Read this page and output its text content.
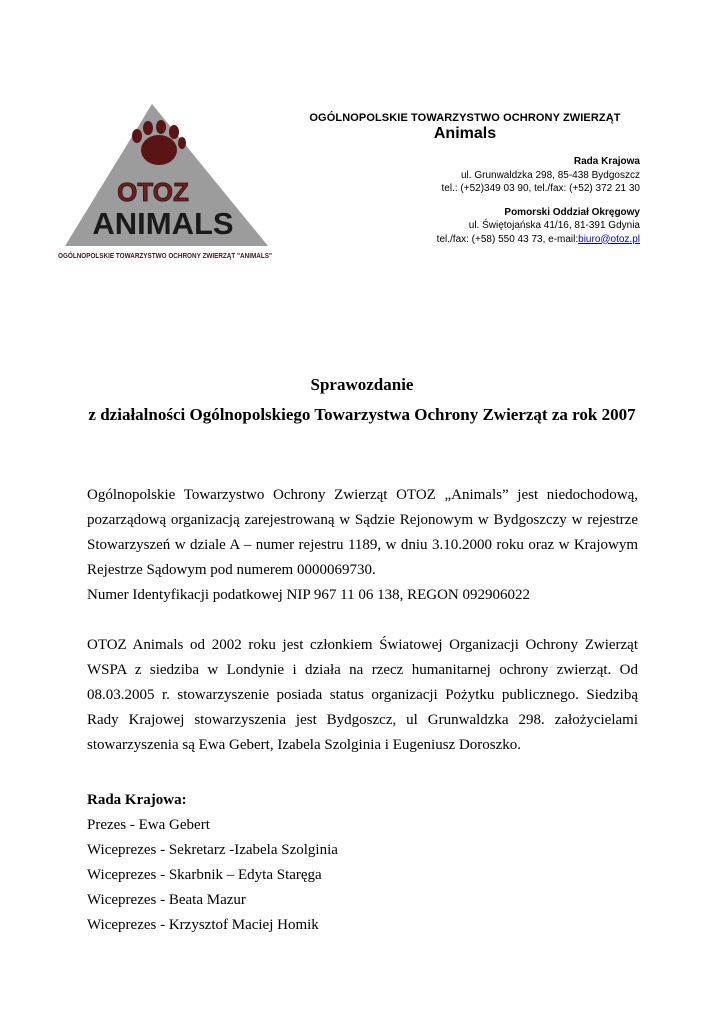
OTOZ
ANIMALS
OGÓLNOPOLSKIE TOWARZYSTWO OCHRONY ZWIERZĄT "ANIMALS"
OGÓLNOPOLSKIE TOWARZYSTWO OCHRONY ZWIERZĄT
Animals
Rada Krajowa
ul. Grunwaldzka 298, 85-438 Bydgoszcz
tel.: (+52)349 03 90, tel./fax: (+52) 372 21 30
Pomorski Oddział Okręgowy
ul. Świętojańska 41/16, 81-391 Gdynia
tel./fax: (+58) 550 43 73, e-mail:biuro@otoz.pl
Sprawozdanie
z działalności Ogólnopolskiego Towarzystwa Ochrony Zwierząt za rok 2007
Ogólnopolskie Towarzystwo Ochrony Zwierząt OTOZ „Animals” jest niedochodową, pozarządową organizacją zarejestrowaną w Sądzie Rejonowym w Bydgoszczy w rejestrze Stowarzyszeń w dziale A – numer rejestru 1189, w dniu 3.10.2000 roku oraz w Krajowym Rejestrze Sądowym pod numerem 0000069730.
Numer Identyfikacji podatkowej NIP 967 11 06 138, REGON 092906022
OTOZ Animals od 2002 roku jest członkiem Światowej Organizacji Ochrony Zwierząt WSPA z siedziba w Londynie i działa na rzecz humanitarnej ochrony zwierząt. Od 08.03.2005 r. stowarzyszenie posiada status organizacji Pożytku publicznego. Siedzibą Rady Krajowej stowarzyszenia jest Bydgoszcz, ul Grunwaldzka 298. założycielami stowarzyszenia są Ewa Gebert, Izabela Szolginia i Eugeniusz Doroszko.
Rada Krajowa:
Prezes - Ewa Gebert
Wiceprezes - Sekretarz -Izabela Szolginia
Wiceprezes - Skarbnik – Edyta Staręga
Wiceprezes - Beata Mazur
Wiceprezes - Krzysztof Maciej Homik
